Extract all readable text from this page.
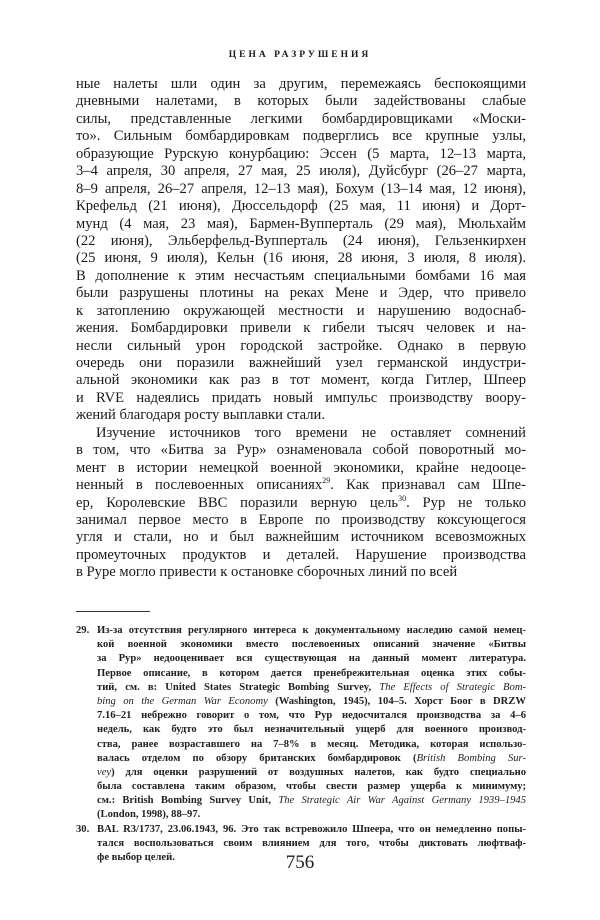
ЦЕНА РАЗРУШЕНИЯ
ные налеты шли один за другим, перемежаясь беспокоящими
дневными налетами, в которых были задействованы слабые
силы, представленные легкими бомбардировщиками «Моски-
то». Сильным бомбардировкам подверглись все крупные узлы,
образующие Рурскую конурбацию: Эссен (5 марта, 12–13 марта,
3–4 апреля, 30 апреля, 27 мая, 25 июля), Дуйсбург (26–27 марта,
8–9 апреля, 26–27 апреля, 12–13 мая), Бохум (13–14 мая, 12 июня),
Крефельд (21 июня), Дюссельдорф (25 мая, 11 июня) и Дорт-
мунд (4 мая, 23 мая), Бармен-Вупперталь (29 мая), Мюльхайм
(22 июня), Эльберфельд-Вупперталь (24 июня), Гельзенкирхен
(25 июня, 9 июля), Кельн (16 июня, 28 июня, 3 июля, 8 июля).
В дополнение к этим несчастьям специальными бомбами 16 мая
были разрушены плотины на реках Мене и Эдер, что привело
к затоплению окружающей местности и нарушению водоснаб-
жения. Бомбардировки привели к гибели тысяч человек и на-
несли сильный урон городской застройке. Однако в первую
очередь они поразили важнейший узел германской индустри-
альной экономики как раз в тот момент, когда Гитлер, Шпеер
и RVE надеялись придать новый импульс производству воору-
жений благодаря росту выплавки стали.
Изучение источников того времени не оставляет сомнений
в том, что «Битва за Рур» ознаменовала собой поворотный мо-
мент в истории немецкой военной экономики, крайне недооце-
ненный в послевоенных описаниях$^{29}$. Как признавал сам Шпе-
ер, Королевские ВВС поразили верную цель$^{30}$. Рур не только
занимал первое место в Европе по производству коксующегося
угля и стали, но и был важнейшим источником всевозможных
промеуточных продуктов и деталей. Нарушение производства
в Руре могло привести к остановке сборочных линий по всей
29. Из-за отсутствия регулярного интереса к документальному наследию самой немец-
кой военной экономики вместо послевоенных описаний значение «Битвы
за Рур» недооценивает вся существующая на данный момент литература.
Первое описание, в котором дается пренебрежительная оценка этих собы-
тий, см. в: United States Strategic Bombing Survey, The Effects of Strategic Bom-
bing on the German War Economy (Washington, 1945), 104–5. Хорст Боог в DRZW
7.16–21 небрежно говорит о том, что Рур недосчитался производства за 4–6
недель, как будто это был незначительный ущерб для военного производ-
ства, ранее возраставшего на 7–8% в месяц. Методика, которая использо-
валась отделом по обзору британских бомбардировок (British Bombing Sur-
vey) для оценки разрушений от воздушных налетов, как будто специально
была составлена таким образом, чтобы свести размер ущерба к минимуму;
см.: British Bombing Survey Unit, The Strategic Air War Against Germany 1939–1945
(London, 1998), 88–97.
30. BAL R3/1737, 23.06.1943, 96. Это так встревожило Шпеера, что он немедленно попы-
тался воспользоваться своим влиянием для того, чтобы диктовать люфтваф-
фе выбор целей.	756
